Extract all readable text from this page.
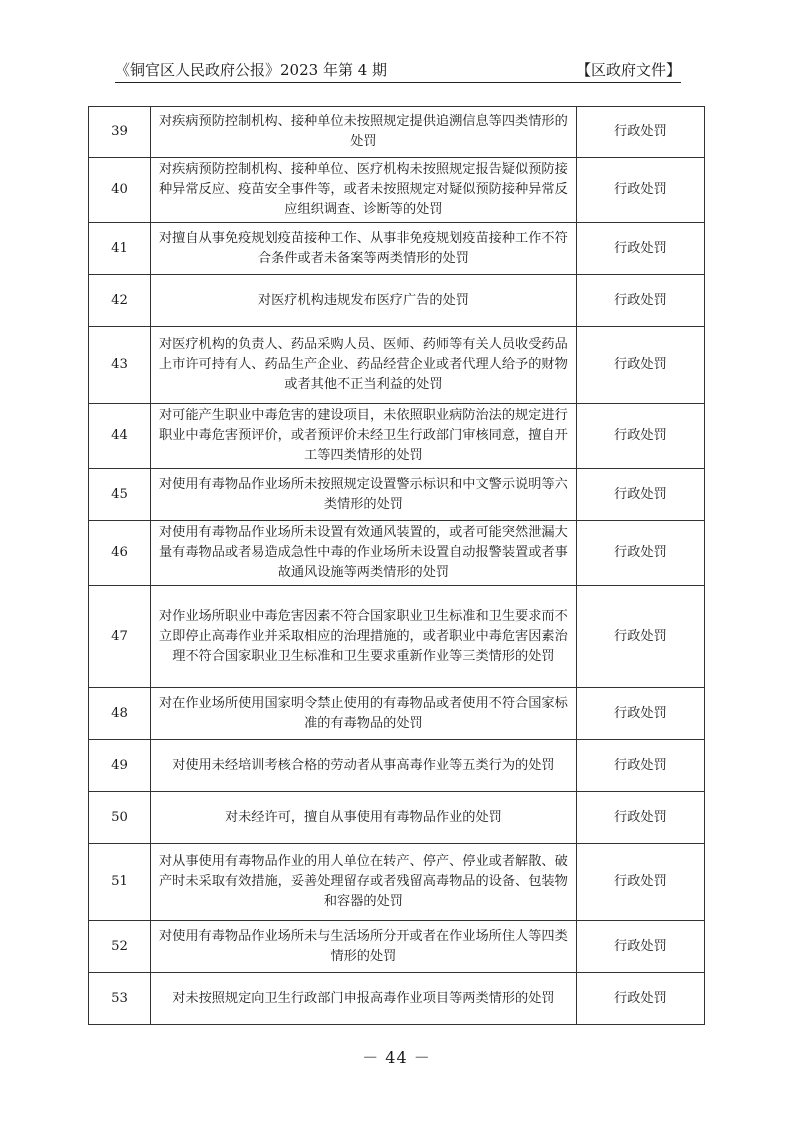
《铜官区人民政府公报》2023 年第 4 期	【区政府文件】
39	对疾病预防控制机构、接种单位未按照规定提供追溯信息等四类情形的处罚	行政处罚
40	对疾病预防控制机构、接种单位、医疗机构未按照规定报告疑似预防接种异常反应、疫苗安全事件等，或者未按照规定对疑似预防接种异常反应组织调查、诊断等的处罚	行政处罚
41	对擅自从事免疫规划疫苗接种工作、从事非免疫规划疫苗接种工作不符合条件或者未备案等两类情形的处罚	行政处罚
42	对医疗机构违规发布医疗广告的处罚	行政处罚
43	对医疗机构的负责人、药品采购人员、医师、药师等有关人员收受药品上市许可持有人、药品生产企业、药品经营企业或者代理人给予的财物或者其他不正当利益的处罚	行政处罚
44	对可能产生职业中毒危害的建设项目，未依照职业病防治法的规定进行职业中毒危害预评价，或者预评价未经卫生行政部门审核同意，擅自开工等四类情形的处罚	行政处罚
45	对使用有毒物品作业场所未按照规定设置警示标识和中文警示说明等六类情形的处罚	行政处罚
46	对使用有毒物品作业场所未设置有效通风装置的，或者可能突然泄漏大量有毒物品或者易造成急性中毒的作业场所未设置自动报警装置或者事故通风设施等两类情形的处罚	行政处罚
47	对作业场所职业中毒危害因素不符合国家职业卫生标准和卫生要求而不立即停止高毒作业并采取相应的治理措施的，或者职业中毒危害因素治理不符合国家职业卫生标准和卫生要求重新作业等三类情形的处罚	行政处罚
48	对在作业场所使用国家明令禁止使用的有毒物品或者使用不符合国家标准的有毒物品的处罚	行政处罚
49	对使用未经培训考核合格的劳动者从事高毒作业等五类行为的处罚	行政处罚
50	对未经许可，擅自从事使用有毒物品作业的处罚	行政处罚
51	对从事使用有毒物品作业的用人单位在转产、停产、停业或者解散、破产时未采取有效措施，妥善处理留存或者残留高毒物品的设备、包装物和容器的处罚	行政处罚
52	对使用有毒物品作业场所未与生活场所分开或者在作业场所住人等四类情形的处罚	行政处罚
53	对未按照规定向卫生行政部门申报高毒作业项目等两类情形的处罚	行政处罚
－ 44 －
